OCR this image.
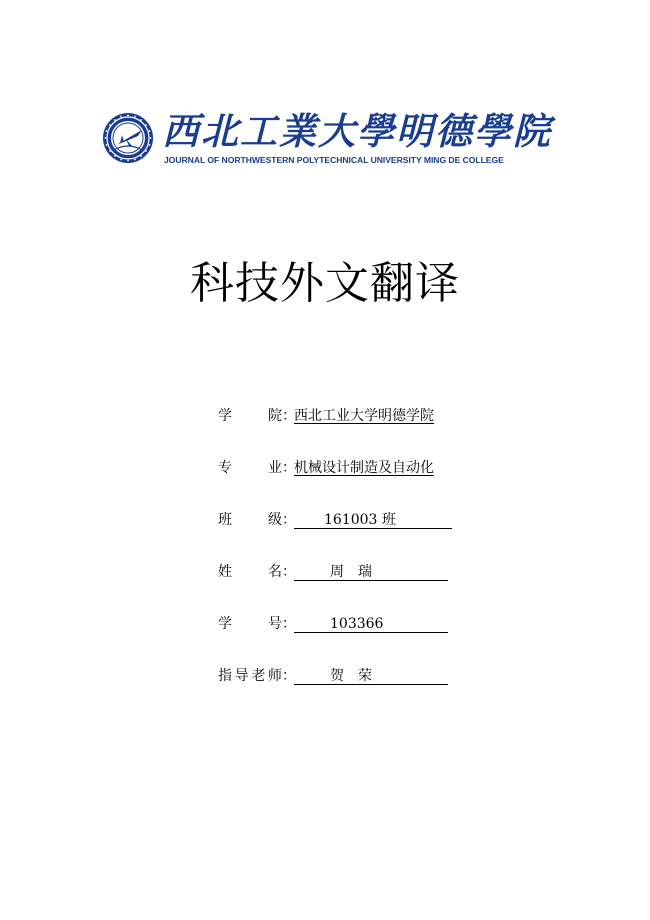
西北工業大學明德學院
JOURNAL OF NORTHWESTERN POLYTECHNICAL UNIVERSITY MING DE COLLEGE
科技外文翻译
学	院 ：
西北工业大学明德学院
专	业 ：
机械设计制造及自动化
班	级 ：	161003 班
姓	名 ：	周　瑞
学	号 ：	103366
指 导 老 师 ：	贺　荣
